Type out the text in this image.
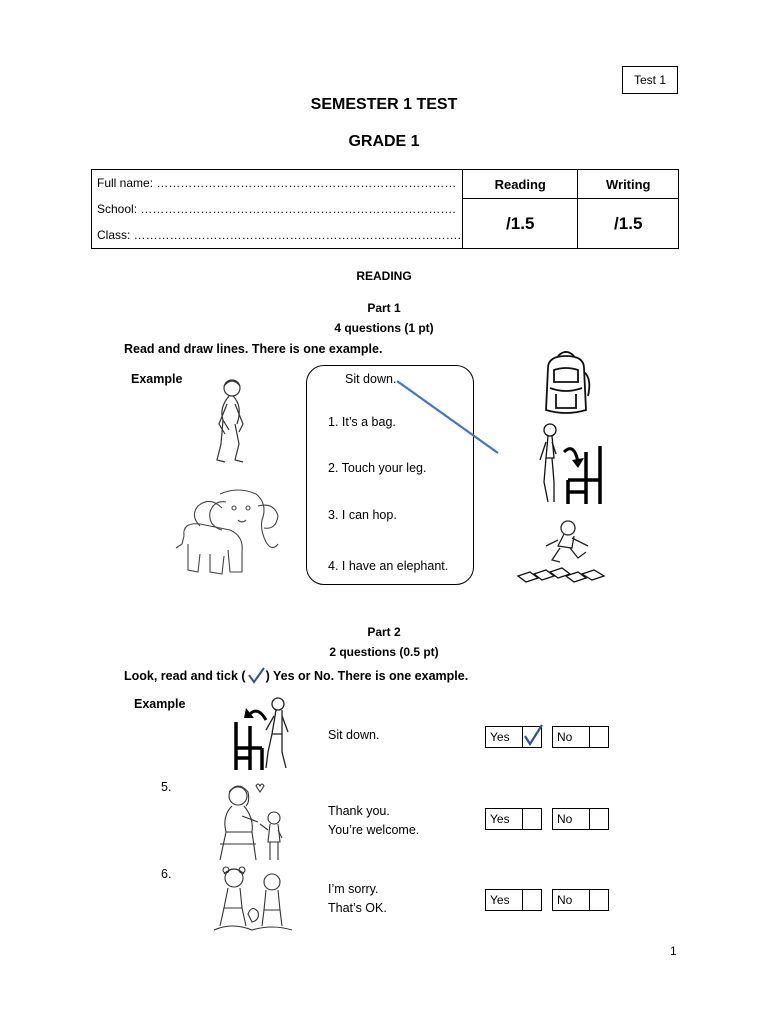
Test 1
SEMESTER 1 TEST
GRADE 1
Full name: …………………………………………………………………
School: …………………………………………………………………….
Class: ……………………………………………………………………….	Reading	Writing
	/1.5	/1.5
READING
Part 1
4 questions (1 pt)
Read and draw lines. There is one example.
Example	Sit down.
1. It’s a bag.
2. Touch your leg.
3. I can hop.
4. I have an elephant.
Part 2
2 questions (0.5 pt)
Look, read and tick ( ) Yes or No. There is one example.
Example
Sit down.	Yes	No
5.
Thank you.
You’re welcome.
Yes	No
6.
I’m sorry.
That’s OK.
Yes	No
1
